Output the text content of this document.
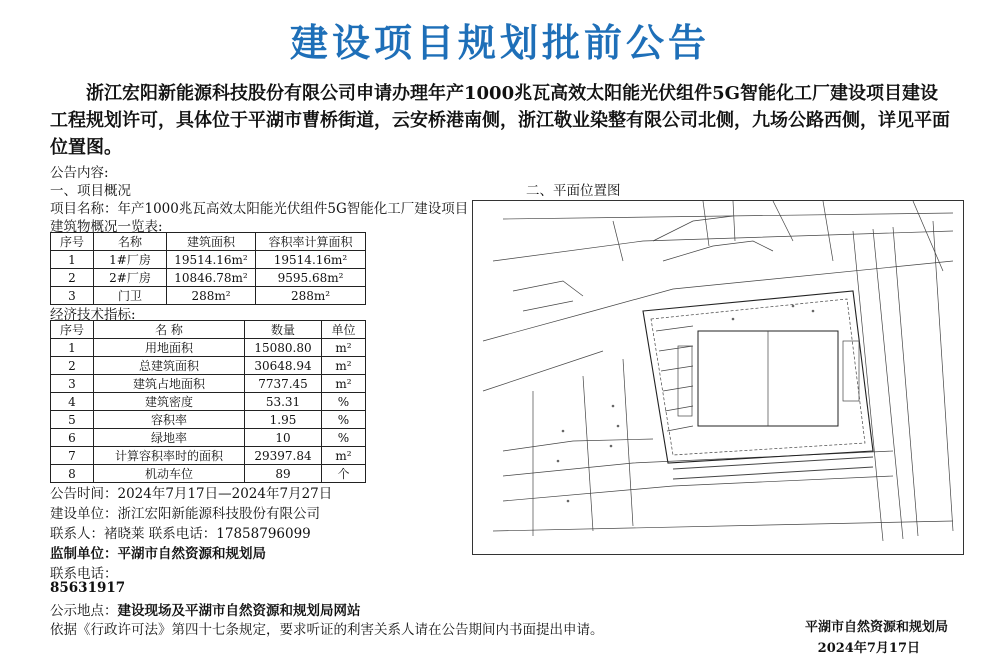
建设项目规划批前公告
浙江宏阳新能源科技股份有限公司申请办理年产1000兆瓦高效太阳能光伏组件5G智能化工厂建设项目建设工程规划许可，具体位于平湖市曹桥街道，云安桥港南侧，浙江敬业染整有限公司北侧，九场公路西侧，详见平面位置图。
公告内容:
一、项目概况
项目名称：年产1000兆瓦高效太阳能光伏组件5G智能化工厂建设项目
建筑物概况一览表:
序号	名称	建筑面积	容积率计算面积
1	1#厂房	19514.16m²	19514.16m²
2	2#厂房	10846.78m²	9595.68m²
3	门卫	288m²	288m²
经济技术指标:
序号	名 称	数量	单位
1	用地面积	15080.80	m²
2	总建筑面积	30648.94	m²
3	建筑占地面积	7737.45	m²
4	建筑密度	53.31	%
5	容积率	1.95	%
6	绿地率	10	%
7	计算容积率时的面积	29397.84	m²
8	机动车位	89	个
公告时间：2024年7月17日—2024年7月27日
建设单位：浙江宏阳新能源科技股份有限公司
联系人：褚晓莱 联系电话：17858796099
监制单位：平湖市自然资源和规划局
联系电话：
85631917
公示地点：建设现场及平湖市自然资源和规划局网站
依据《行政许可法》第四十七条规定，要求听证的利害关系人请在公告期间内书面提出申请。
二、平面位置图
平湖市自然资源和规划局
2024年7月17日
